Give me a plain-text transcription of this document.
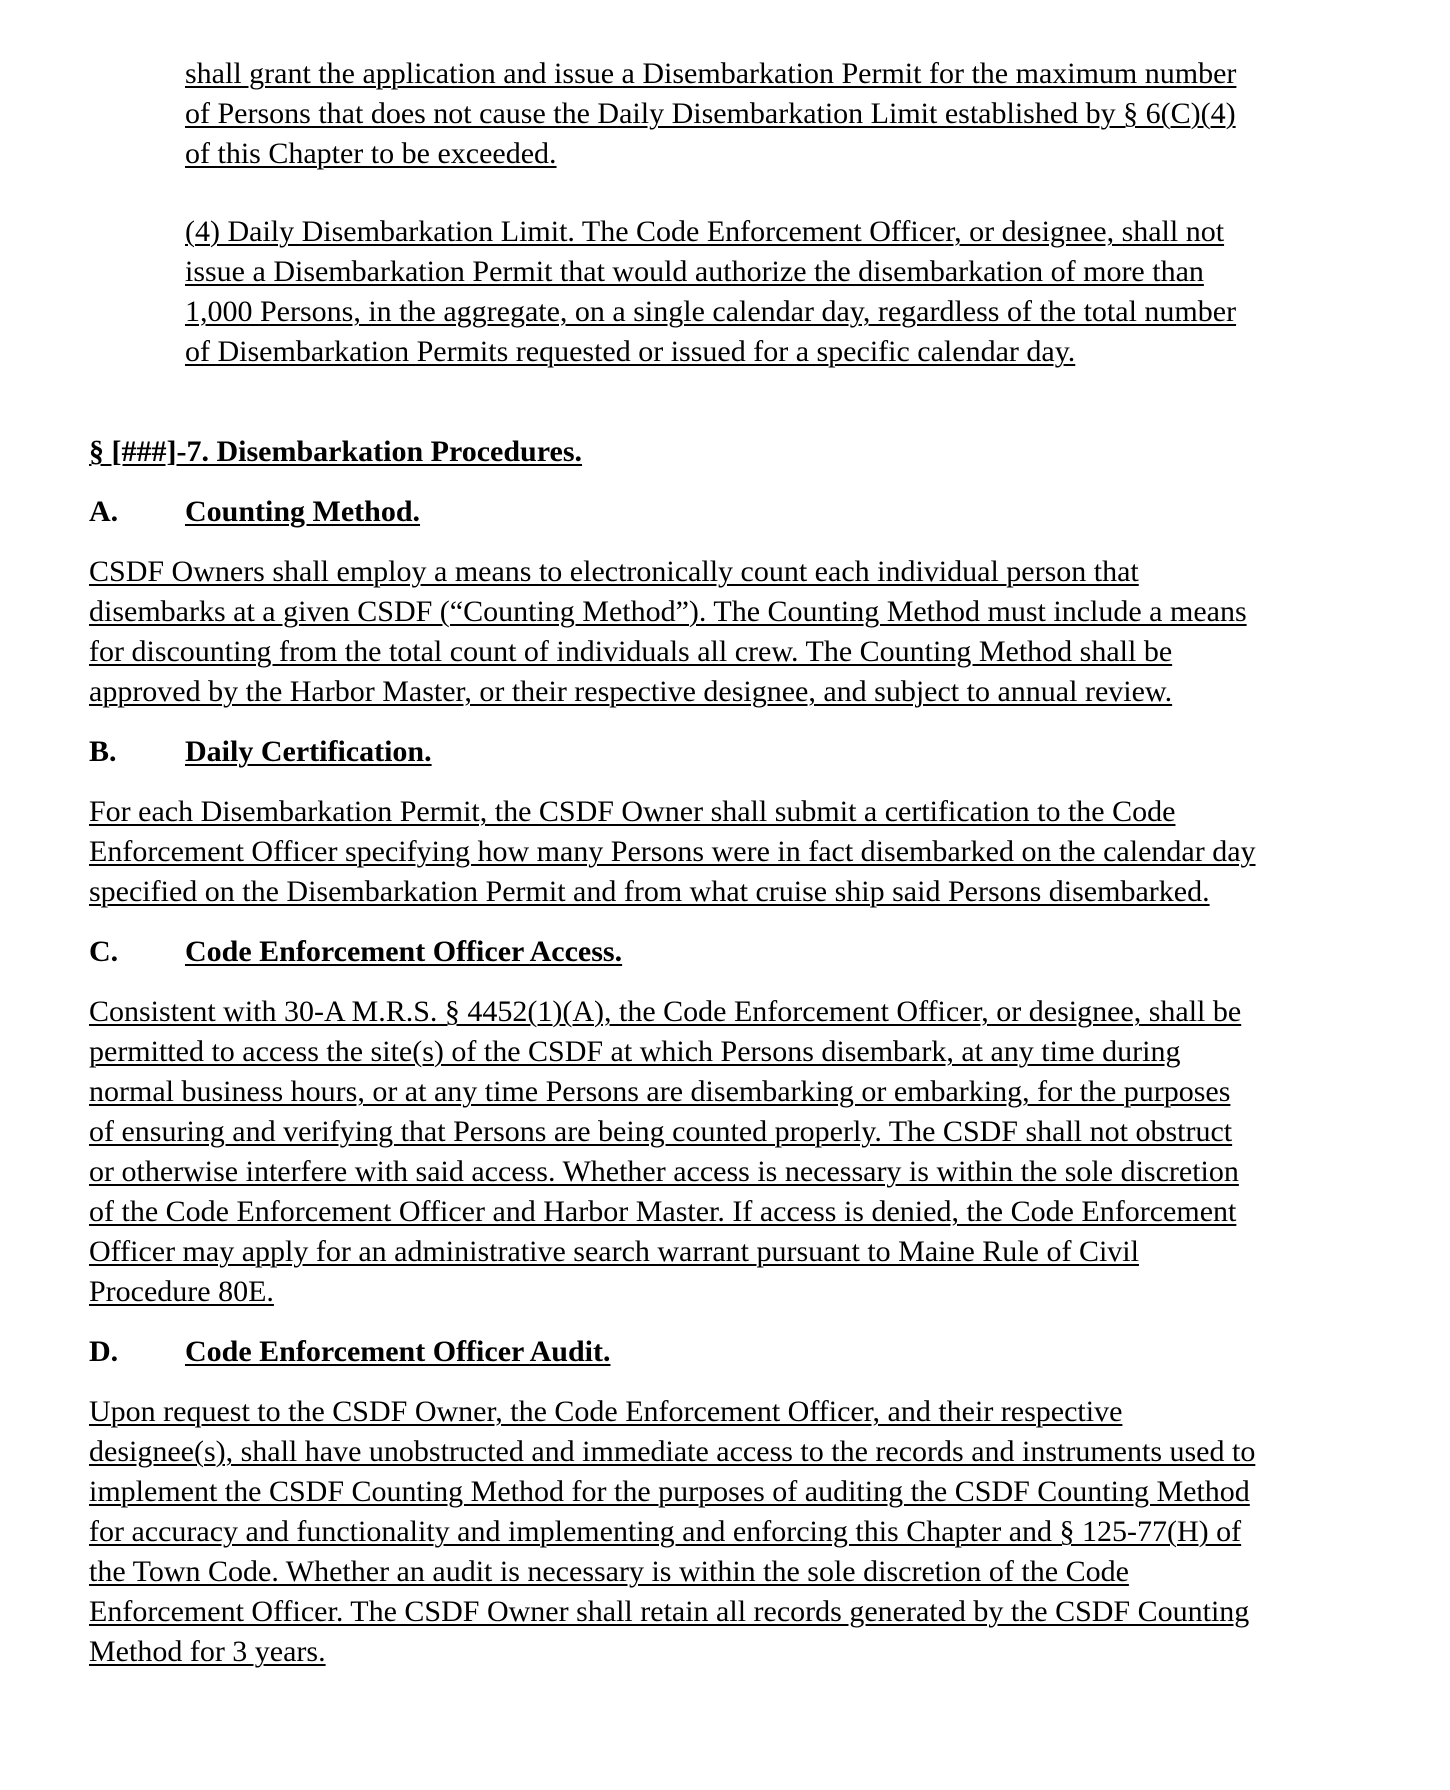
shall grant the application and issue a Disembarkation Permit for the maximum number
of Persons that does not cause the Daily Disembarkation Limit established by § 6(C)(4)
of this Chapter to be exceeded.
(4) Daily Disembarkation Limit. The Code Enforcement Officer, or designee, shall not
issue a Disembarkation Permit that would authorize the disembarkation of more than
1,000 Persons, in the aggregate, on a single calendar day, regardless of the total number
of Disembarkation Permits requested or issued for a specific calendar day.
§ [###]-7. Disembarkation Procedures.
A. Counting Method.
CSDF Owners shall employ a means to electronically count each individual person that
disembarks at a given CSDF (“Counting Method”). The Counting Method must include a means
for discounting from the total count of individuals all crew. The Counting Method shall be
approved by the Harbor Master, or their respective designee, and subject to annual review.
B. Daily Certification.
For each Disembarkation Permit, the CSDF Owner shall submit a certification to the Code
Enforcement Officer specifying how many Persons were in fact disembarked on the calendar day
specified on the Disembarkation Permit and from what cruise ship said Persons disembarked.
C. Code Enforcement Officer Access.
Consistent with 30-A M.R.S. § 4452(1)(A), the Code Enforcement Officer, or designee, shall be
permitted to access the site(s) of the CSDF at which Persons disembark, at any time during
normal business hours, or at any time Persons are disembarking or embarking, for the purposes
of ensuring and verifying that Persons are being counted properly. The CSDF shall not obstruct
or otherwise interfere with said access. Whether access is necessary is within the sole discretion
of the Code Enforcement Officer and Harbor Master. If access is denied, the Code Enforcement
Officer may apply for an administrative search warrant pursuant to Maine Rule of Civil
Procedure 80E.
D. Code Enforcement Officer Audit.
Upon request to the CSDF Owner, the Code Enforcement Officer, and their respective
designee(s), shall have unobstructed and immediate access to the records and instruments used to
implement the CSDF Counting Method for the purposes of auditing the CSDF Counting Method
for accuracy and functionality and implementing and enforcing this Chapter and § 125-77(H) of
the Town Code. Whether an audit is necessary is within the sole discretion of the Code
Enforcement Officer. The CSDF Owner shall retain all records generated by the CSDF Counting
Method for 3 years.
